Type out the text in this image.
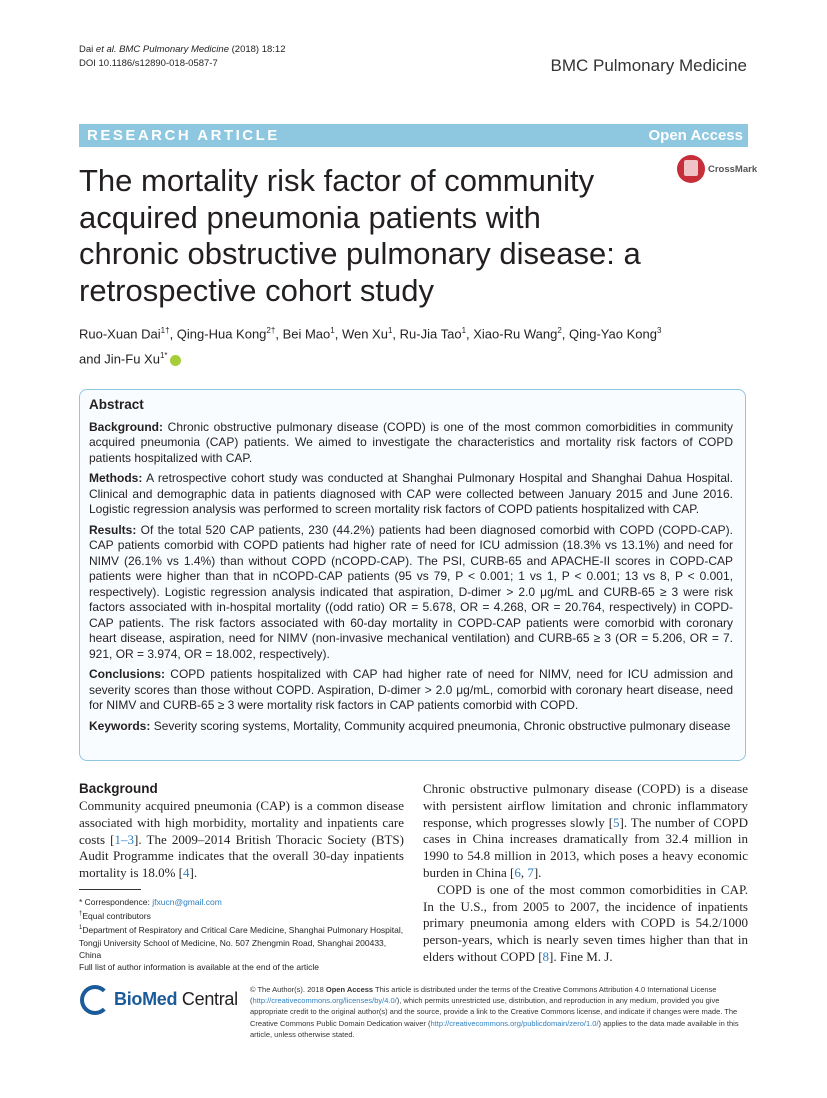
Dai et al. BMC Pulmonary Medicine (2018) 18:12
DOI 10.1186/s12890-018-0587-7	BMC Pulmonary Medicine
RESEARCH ARTICLE	Open Access
The mortality risk factor of community acquired pneumonia patients with chronic obstructive pulmonary disease: a retrospective cohort study
CrossMark
Ruo-Xuan Dai$^{1\dagger}$, Qing-Hua Kong$^{2\dagger}$, Bei Mao$^1$, Wen Xu$^1$, Ru-Jia Tao$^1$, Xiao-Ru Wang$^2$, Qing-Yao Kong$^3$
and Jin-Fu $Xu^{1*}$
Abstract

Background: Chronic obstructive pulmonary disease (COPD) is one of the most common comorbidities in community acquired pneumonia (CAP) patients. We aimed to investigate the characteristics and mortality risk factors of COPD patients hospitalized with CAP.

Methods: A retrospective cohort study was conducted at Shanghai Pulmonary Hospital and Shanghai Dahua Hospital. Clinical and demographic data in patients diagnosed with CAP were collected between January 2015 and June 2016. Logistic regression analysis was performed to screen mortality risk factors of COPD patients hospitalized with CAP.

Results: Of the total 520 CAP patients, 230 (44.2%) patients had been diagnosed comorbid with COPD (COPD-CAP). CAP patients comorbid with COPD patients had higher rate of need for ICU admission (18.3% vs 13.1%) and need for NIMV (26.1% vs 1.4%) than without COPD (nCOPD-CAP). The PSI, CURB-65 and APACHE-II scores in COPD-CAP patients were higher than that in nCOPD-CAP patients (95 vs 79, P < 0.001; 1 vs 1, P < 0.001; 13 vs 8, P < 0.001, respectively). Logistic regression analysis indicated that aspiration, D-dimer > 2.0 μg/mL and CURB-65 ≥ 3 were risk factors associated with in-hospital mortality ((odd ratio) OR = 5.678, OR = 4.268, OR = 20.764, respectively) in COPD-CAP patients. The risk factors associated with 60-day mortality in COPD-CAP patients were comorbid with coronary heart disease, aspiration, need for NIMV (non-invasive mechanical ventilation) and CURB-65 ≥ 3 (OR = 5.206, OR = 7. 921, OR = 3.974, OR = 18.002, respectively).

Conclusions: COPD patients hospitalized with CAP had higher rate of need for NIMV, need for ICU admission and severity scores than those without COPD. Aspiration, D-dimer > 2.0 μg/mL, comorbid with coronary heart disease, need for NIMV and CURB-65 ≥ 3 were mortality risk factors in CAP patients comorbid with COPD.

Keywords: Severity scoring systems, Mortality, Community acquired pneumonia, Chronic obstructive pulmonary disease

Background

Community acquired pneumonia (CAP) is a common disease associated with high morbidity, mortality and inpatients care costs [1–3]. The 2009–2014 British Thoracic Society (BTS) Audit Programme indicates that the overall 30-day inpatients mortality is 18.0% [4].

Chronic obstructive pulmonary disease (COPD) is a disease with persistent airflow limitation and chronic inflammatory response, which progresses slowly [5]. The number of COPD cases in China increases dramatically from 32.4 million in 1990 to 54.8 million in 2013, which poses a heavy economic burden in China [6, 7].

COPD is one of the most common comorbidities in CAP. In the U.S., from 2005 to 2007, the incidence of inpatients primary pneumonia among elders with COPD is 54.2/1000 person-years, which is nearly seven times higher than that in elders without COPD [8]. Fine M. J.

* Correspondence: jfxucn@gmail.com
†Equal contributors
$^1$Department of Respiratory and Critical Care Medicine, Shanghai Pulmonary Hospital, Tongji University School of Medicine, No. 507 Zhengmin Road, Shanghai 200433, China
Full list of author information is available at the end of the article
BioMed Central © The Author(s). 2018 Open Access This article is distributed under the terms of the Creative Commons Attribution 4.0 International License (http://creativecommons.org/licenses/by/4.0/), which permits unrestricted use, distribution, and reproduction in any medium, provided you give appropriate credit to the original author(s) and the source, provide a link to the Creative Commons license, and indicate if changes were made. The Creative Commons Public Domain Dedication waiver (http://creativecommons.org/publicdomain/zero/1.0/) applies to the data made available in this article, unless otherwise stated.
